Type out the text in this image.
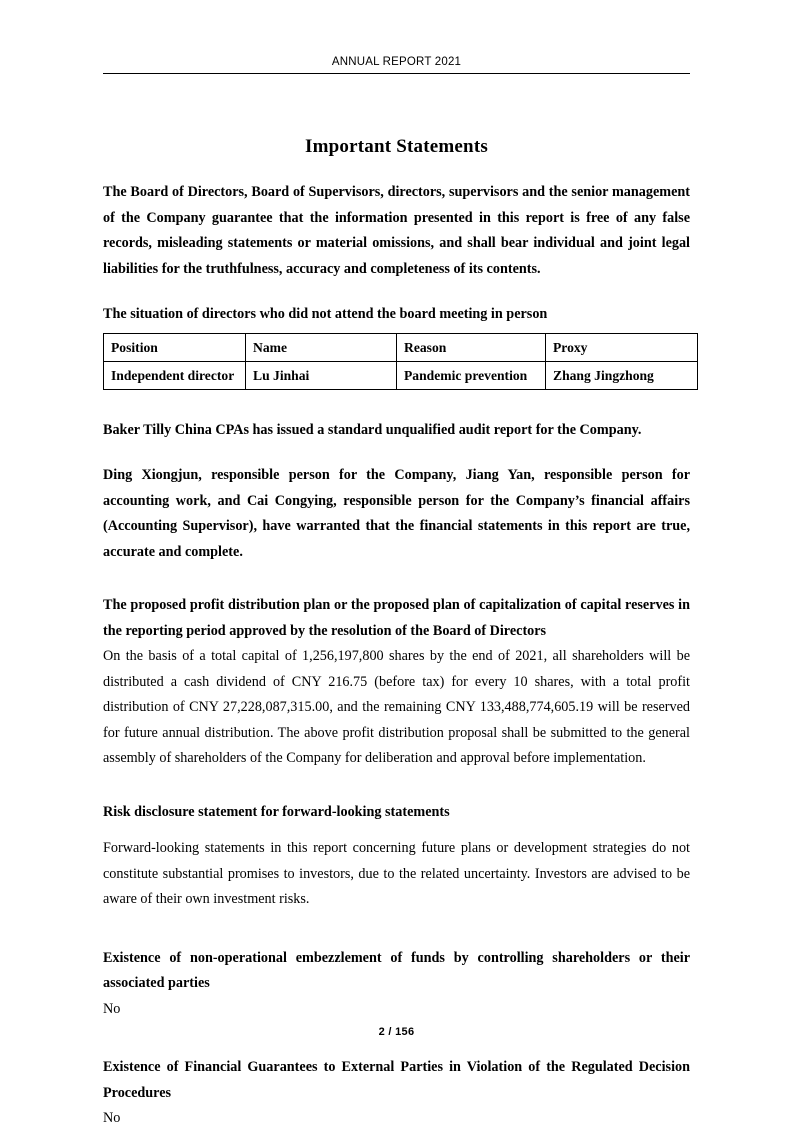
ANNUAL REPORT 2021
Important Statements

The Board of Directors, Board of Supervisors, directors, supervisors and the senior management of the Company guarantee that the information presented in this report is free of any false records, misleading statements or material omissions, and shall bear individual and joint legal liabilities for the truthfulness, accuracy and completeness of its contents.

The situation of directors who did not attend the board meeting in person

Position	Name	Reason	Proxy
Independent director	Lu Jinhai	Pandemic prevention	Zhang Jingzhong

Baker Tilly China CPAs has issued a standard unqualified audit report for the Company.

Ding Xiongjun, responsible person for the Company, Jiang Yan, responsible person for accounting work, and Cai Congying, responsible person for the Company’s financial affairs (Accounting Supervisor), have warranted that the financial statements in this report are true, accurate and complete.

The proposed profit distribution plan or the proposed plan of capitalization of capital reserves in the reporting period approved by the resolution of the Board of Directors

On the basis of a total capital of 1,256,197,800 shares by the end of 2021, all shareholders will be distributed a cash dividend of CNY 216.75 (before tax) for every 10 shares, with a total profit distribution of CNY 27,228,087,315.00, and the remaining CNY 133,488,774,605.19 will be reserved for future annual distribution. The above profit distribution proposal shall be submitted to the general assembly of shareholders of the Company for deliberation and approval before implementation.

Risk disclosure statement for forward-looking statements

Forward-looking statements in this report concerning future plans or development strategies do not constitute substantial promises to investors, due to the related uncertainty. Investors are advised to be aware of their own investment risks.

Existence of non-operational embezzlement of funds by controlling shareholders or their associated parties

No

Existence of Financial Guarantees to External Parties in Violation of the Regulated Decision Procedures

No

2 / 156
